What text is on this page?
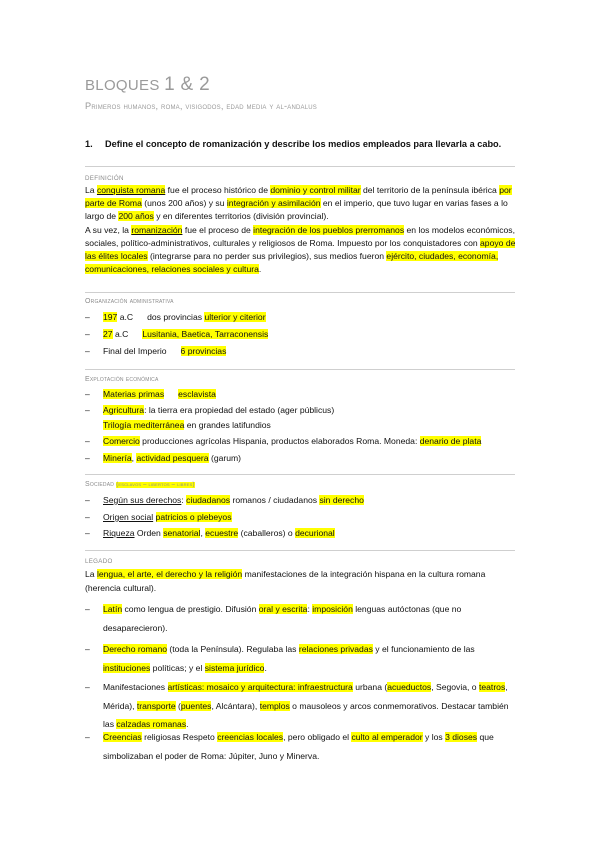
BLOQUES 1 & 2
Primeros humanos, roma, visigodos, edad media y al-andalus
1. Define el concepto de romanización y describe los medios empleados para llevarla a cabo.
DEFINICIÓN
La conquista romana fue el proceso histórico de dominio y control militar del territorio de la península ibérica por parte de Roma (unos 200 años) y su integración y asimilación en el imperio, que tuvo lugar en varias fases a lo largo de 200 años y en diferentes territorios (división provincial).
A su vez, la romanización fue el proceso de integración de los pueblos prerromanos en los modelos económicos, sociales, político-administrativos, culturales y religiosos de Roma. Impuesto por los conquistadores con apoyo de las élites locales (integrarse para no perder sus privilegios), sus medios fueron ejército, ciudades, economía, comunicaciones, relaciones sociales y cultura.
Organización administrativa
– 197 a.C dos provincias ulterior y citerior
– 27 a.C Lusitania, Baetica, Tarraconensis
– Final del Imperio 6 provincias
Explotación económica
– Materias primas esclavista
– Agricultura: la tierra era propiedad del estado (ager públicus)
Trilogía mediterránea en grandes latifundios
– Comercio producciones agrícolas Hispania, productos elaborados Roma. Moneda: denario de plata
– Minería, actividad pesquera (garum)
Sociedad (esclavos – libertos – libres)
– Según sus derechos: ciudadanos romanos / ciudadanos sin derecho
– Origen social patricios o plebeyos
– Riqueza Orden senatorial, ecuestre (caballeros) o decurional
LEGADO
La lengua, el arte, el derecho y la religión manifestaciones de la integración hispana en la cultura romana (herencia cultural).
–	Latín como lengua de prestigio. Difusión oral y escrita: imposición lenguas autóctonas (que no desaparecieron).
–	Derecho romano (toda la Península). Regulaba las relaciones privadas y el funcionamiento de las instituciones políticas; y el sistema jurídico.
–	Manifestaciones artísticas: mosaico y arquitectura: infraestructura urbana (acueductos, Segovia, o teatros, Mérida), transporte (puentes, Alcántara), templos o mausoleos y arcos conmemorativos. Destacar también las calzadas romanas.
–	Creencias religiosas Respeto creencias locales, pero obligado el culto al emperador y los 3 dioses que simbolizaban el poder de Roma: Júpiter, Juno y Minerva.
